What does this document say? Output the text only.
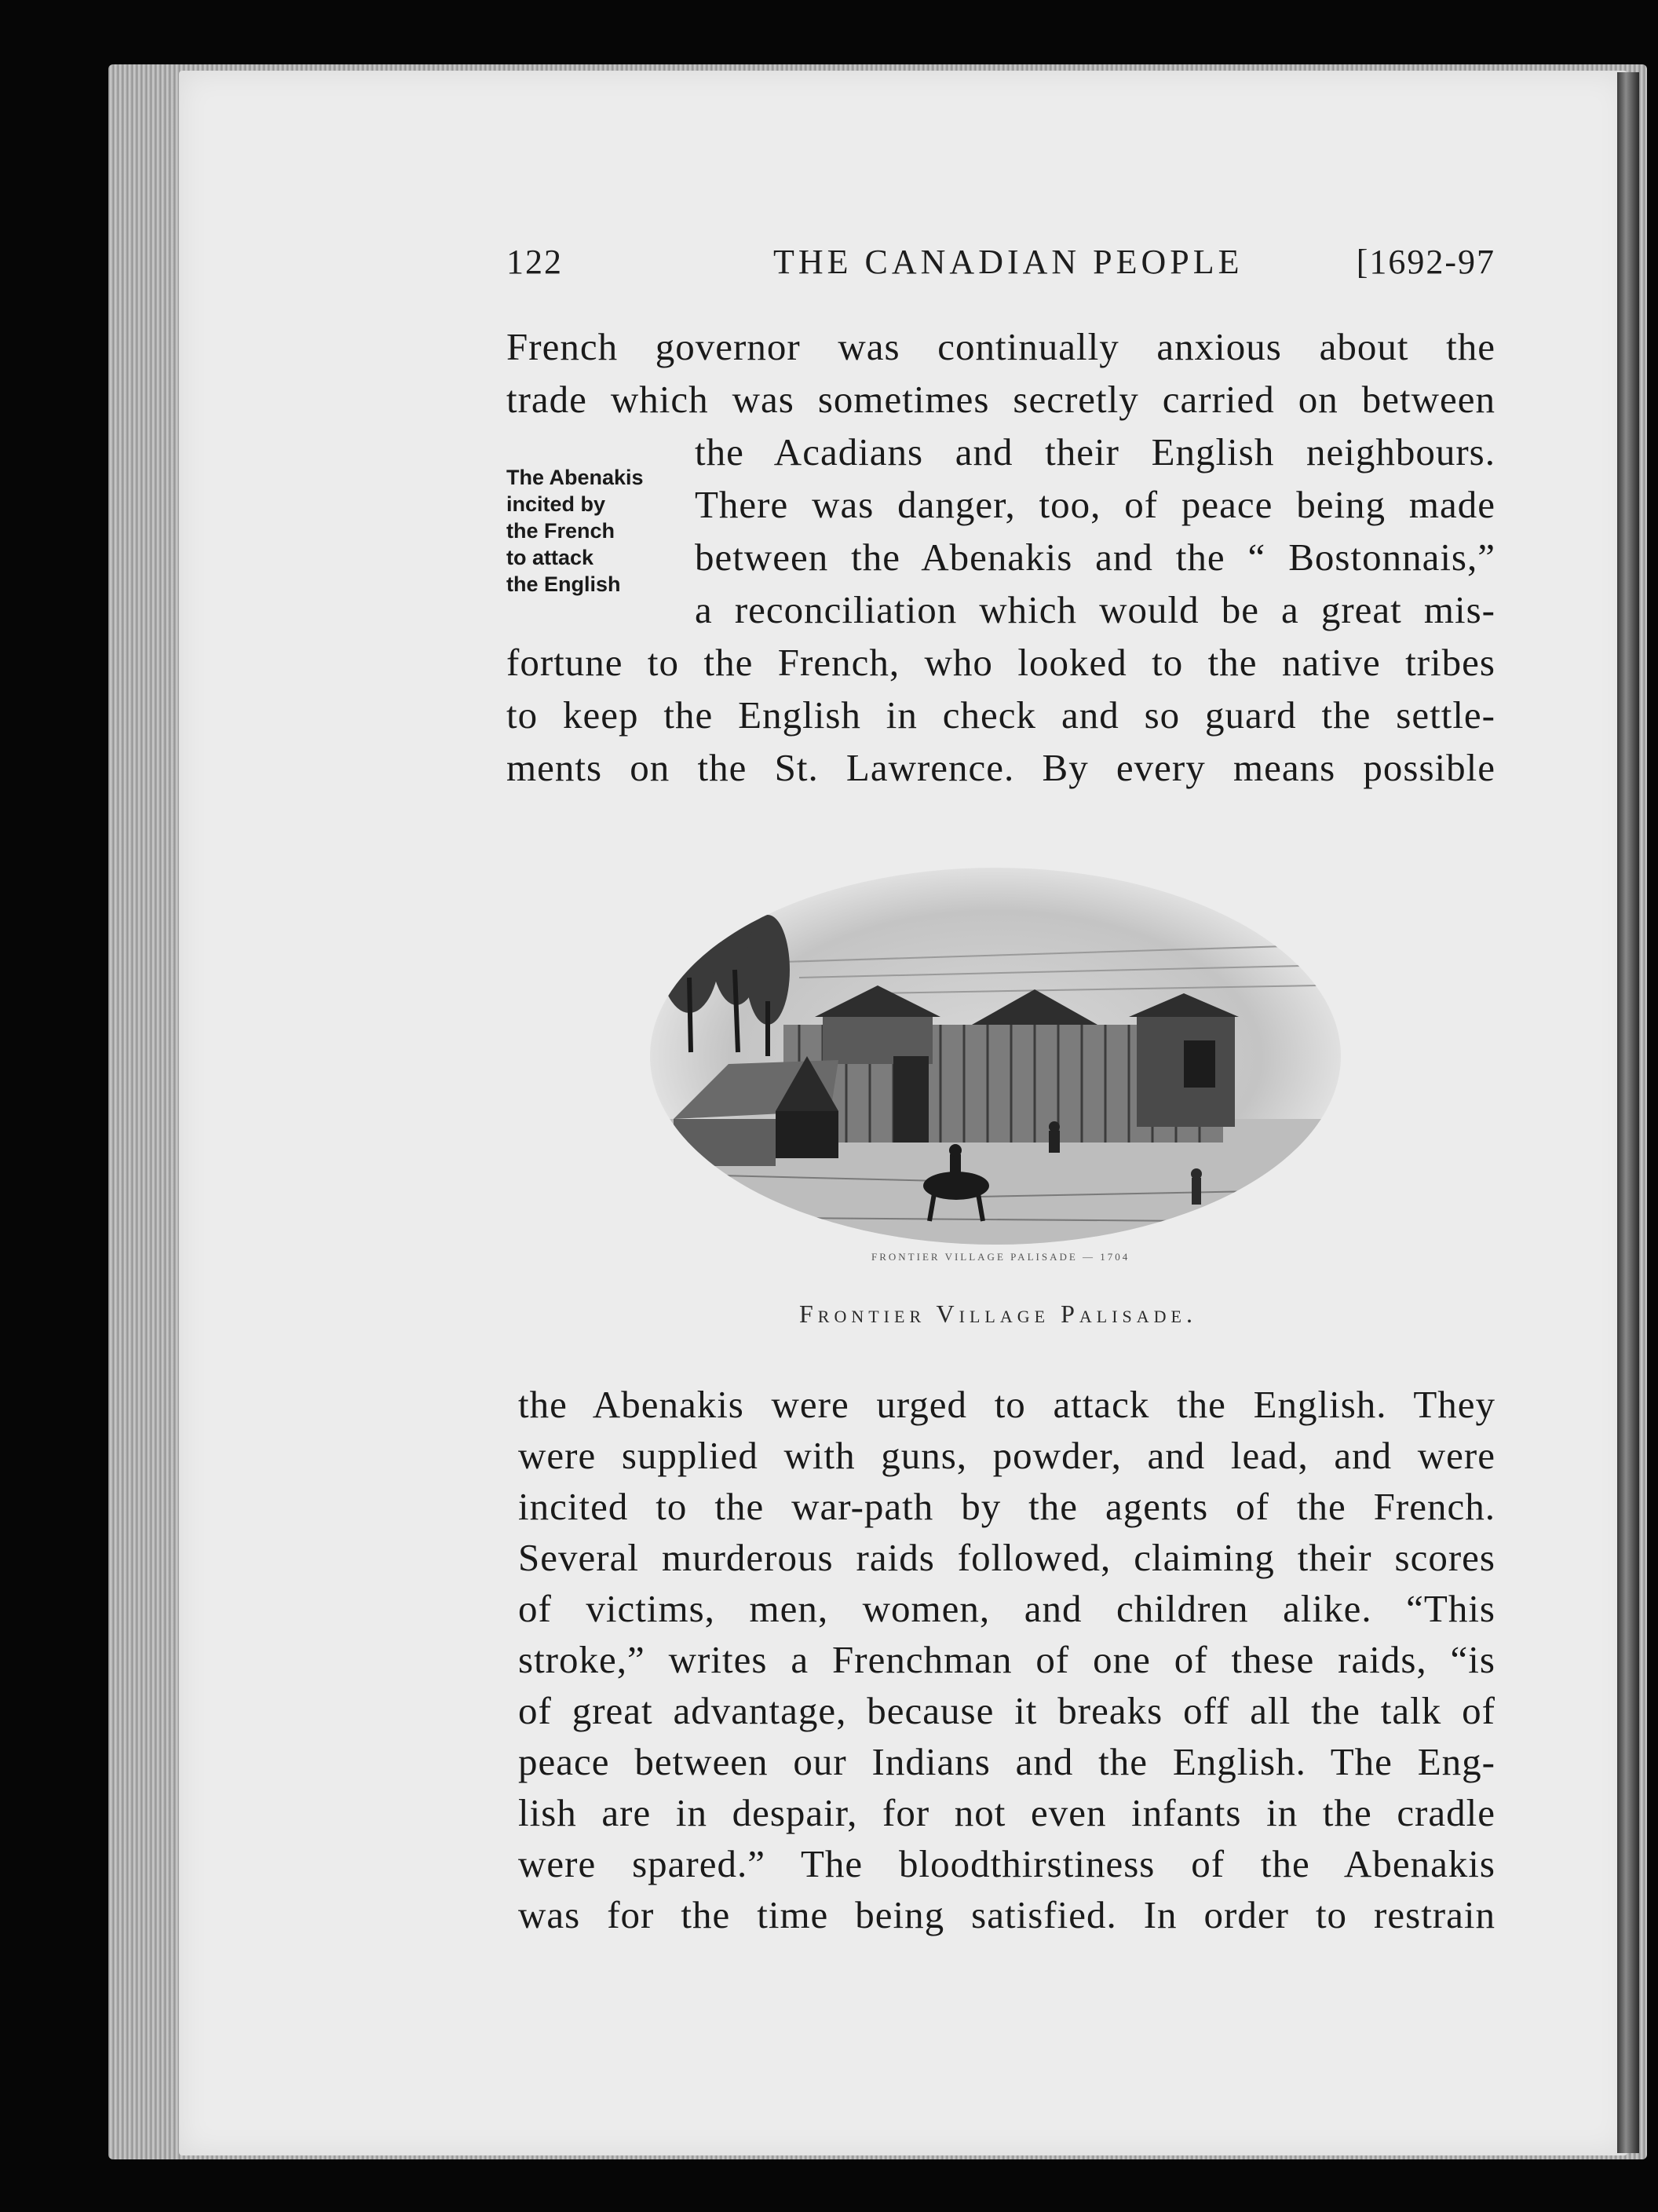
122	THE CANADIAN PEOPLE	[1692-97
French governor was continually anxious about the
trade which was sometimes secretly carried on between
the Acadians and their English neighbours.
There was danger, too, of peace being made
between the Abenakis and the “ Bostonnais,”
a reconciliation which would be a great mis-
fortune to the French, who looked to the native tribes
to keep the English in check and so guard the settle-
ments on the St. Lawrence. By every means possible
The Abenakis
incited by
the French
to attack
the English
FRONTIER VILLAGE PALISADE — 1704
Frontier Village Palisade.
the Abenakis were urged to attack the English. They
were supplied with guns, powder, and lead, and were
incited to the war-path by the agents of the French.
Several murderous raids followed, claiming their scores
of victims, men, women, and children alike. “This
stroke,” writes a Frenchman of one of these raids, “is
of great advantage, because it breaks off all the talk of
peace between our Indians and the English. The Eng-
lish are in despair, for not even infants in the cradle
were spared.” The bloodthirstiness of the Abenakis
was for the time being satisfied. In order to restrain
